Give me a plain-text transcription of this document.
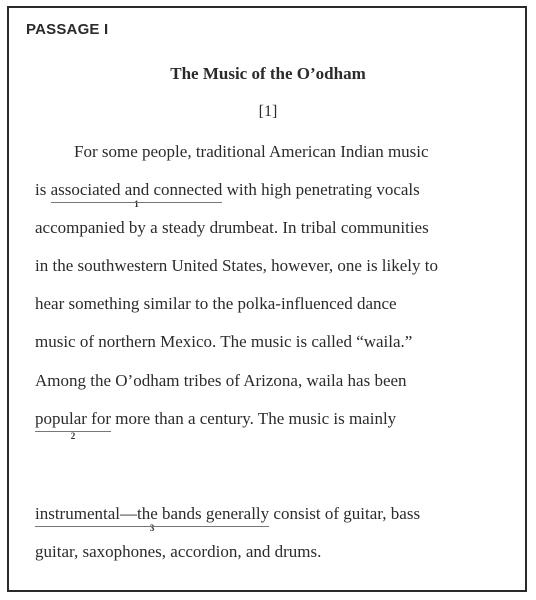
PASSAGE I
The Music of the O’odham
[1]
For some people, traditional American Indian music
is associated and connected
1
with high penetrating vocals
accompanied by a steady drumbeat. In tribal communities
in the southwestern United States, however, one is likely to
hear something similar to the polka-influenced dance
music of northern Mexico. The music is called “waila.”
Among the O’odham tribes of Arizona, waila has been
popular for
2
more than a century. The music is mainly
instrumental—the bands generally
3
consist of guitar, bass
guitar, saxophones, accordion, and drums.
